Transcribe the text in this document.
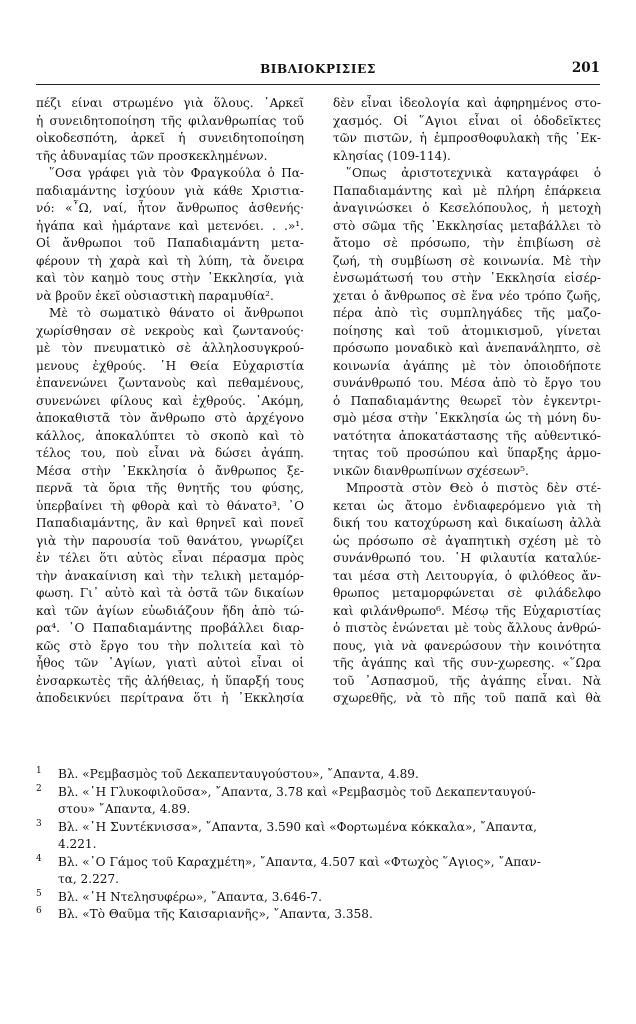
ΒΙΒΛΙΟΚΡΙΣΙΕΣ	201
πέζι είναι στρωμένο γιὰ ὅλους. ᾿Αρκεῖ
ἡ συνειδητοποίηση τῆς φιλανθρωπίας τοῦ
οἰκοδεσπότη, ἀρκεῖ ἡ συνειδητοποίηση
τῆς ἀδυναμίας τῶν προσκεκλημένων.
῞Οσα γράφει γιὰ τὸν Φραγκούλα ὁ Πα-
παδιαμάντης ἰσχύουν γιὰ κάθε Χριστια-
νό: «῏Ω, ναί, ἦτον ἄνθρωπος ἀσθενής·
ἠγάπα καὶ ἡμάρτανε καὶ μετενόει. . .»¹.
Οἱ ἄνθρωποι τοῦ Παπαδιαμάντη μετα-
φέρουν τὴ χαρὰ καὶ τὴ λύπη, τὰ ὄνειρα
καὶ τὸν καημὸ τους στὴν ᾿Εκκλησία, γιὰ
νὰ βροῦν ἐκεῖ οὐσιαστικὴ παραμυθία².
Μὲ τὸ σωματικὸ θάνατο οἱ ἄνθρωποι
χωρίσθησαν σὲ νεκροὺς καὶ ζωντανούς·
μὲ τὸν πνευματικὸ σὲ ἀλληλοσυγκρού-
μενους ἐχθρούς. ῾Η Θεία Εὐχαριστία
ἐπανενώνει ζωντανοὺς καὶ πεθαμένους,
συνενώνει φίλους καὶ ἐχθρούς. ᾿Ακόμη,
ἀποκαθιστᾶ τὸν ἄνθρωπο στὸ ἀρχέγονο
κάλλος, ἀποκαλύπτει τὸ σκοπὸ καὶ τὸ
τέλος του, ποὺ εἶναι νὰ δώσει ἀγάπη.
Μέσα στὴν ᾿Εκκλησία ὁ ἄνθρωπος ξε-
περνᾶ τὰ ὅρια τῆς θνητῆς του φύσης,
ὑπερβαίνει τὴ φθορὰ καὶ τὸ θάνατο³. ᾿Ο
Παπαδιαμάντης, ἂν καὶ θρηνεῖ καὶ πονεῖ
γιὰ τὴν παρουσία τοῦ θανάτου, γνωρίζει
ἐν τέλει ὅτι αὐτὸς εἶναι πέρασμα πρὸς
τὴν ἀνακαίνιση καὶ τὴν τελικὴ μεταμόρ-
φωση. Γι᾿ αὐτὸ καὶ τὰ ὀστᾶ τῶν δικαίων
καὶ τῶν ἁγίων εὐωδιάζουν ἤδη ἀπὸ τώ-
ρα⁴. ᾿Ο Παπαδιαμάντης προβάλλει διαρ-
κῶς στὸ ἔργο του τὴν πολιτεία καὶ τὸ
ἦθος τῶν ῾Αγίων, γιατὶ αὐτοὶ εἶναι οἱ
ἐνσαρκωτὲς τῆς ἀλήθειας, ἡ ὕπαρξή τους
ἀποδεικνύει περίτρανα ὅτι ἡ ᾿Εκκλησία
δὲν εἶναι ἰδεολογία καὶ ἀφηρημένος στο-
χασμός. Οἱ ῞Αγιοι εἶναι οἱ ὁδοδεῖκτες
τῶν πιστῶν, ἡ ἐμπροσθοφυλακὴ τῆς ᾿Εκ-
κλησίας (109-114).
῞Οπως ἀριστοτεχνικὰ καταγράφει ὁ
Παπαδιαμάντης καὶ μὲ πλήρη ἐπάρκεια
ἀναγινώσκει ὁ Κεσελόπουλος, ἡ μετοχὴ
στὸ σῶμα τῆς ᾿Εκκλησίας μεταβάλλει τὸ
ἄτομο σὲ πρόσωπο, τὴν ἐπιβίωση σὲ
ζωή, τὴ συμβίωση σὲ κοινωνία. Μὲ τὴν
ἐνσωμάτωσή του στὴν ᾿Εκκλησία εἰσέρ-
χεται ὁ ἄνθρωπος σὲ ἕνα νέο τρόπο ζωῆς,
πέρα ἀπὸ τὶς συμπληγάδες τῆς μαζο-
ποίησης καὶ τοῦ ἀτομικισμοῦ, γίνεται
πρόσωπο μοναδικὸ καὶ ἀνεπανάληπτο, σὲ
κοινωνία ἀγάπης μὲ τὸν ὁποιοδήποτε
συνάνθρωπό του. Μέσα ἀπὸ τὸ ἔργο του
ὁ Παπαδιαμάντης θεωρεῖ τὸν ἐγκεντρι-
σμὸ μέσα στὴν ᾿Εκκλησία ὡς τὴ μόνη δυ-
νατότητα ἀποκατάστασης τῆς αὐθεντικό-
τητας τοῦ προσώπου καὶ ὕπαρξης ἁρμο-
νικῶν διανθρωπίνων σχέσεων⁵.
Μπροστὰ στὸν Θεὸ ὁ πιστὸς δὲν στέ-
κεται ὡς ἄτομο ἐνδιαφερόμενο γιὰ τὴ
δική του κατοχύρωση καὶ δικαίωση ἀλλὰ
ὡς πρόσωπο σὲ ἀγαπητικὴ σχέση μὲ τὸ
συνάνθρωπό του. ῾Η φιλαυτία καταλύε-
ται μέσα στὴ Λειτουργία, ὁ φιλόθεος ἄν-
θρωπος μεταμορφώνεται σὲ φιλάδελφο
καὶ φιλάνθρωπο⁶. Μέσῳ τῆς Εὐχαριστίας
ὁ πιστὸς ἑνώνεται μὲ τοὺς ἄλλους ἀνθρώ-
πους, γιὰ νὰ φανερώσουν τὴν κοινότητα
τῆς ἀγάπης καὶ τῆς συν-χωρεσης. «῞Ωρα
τοῦ ᾿Ασπασμοῦ, τῆς ἀγάπης εἶναι. Νὰ
σχωρεθῆς, νὰ τὸ πῆς τοῦ παπᾶ καὶ θὰ
1 Βλ. «Ρεμβασμὸς τοῦ Δεκαπενταυγούστου», ῎Απαντα, 4.89.
2 Βλ. «῾Η Γλυκοφιλοῦσα», ῎Απαντα, 3.78 καὶ «Ρεμβασμὸς τοῦ Δεκαπενταυγού-
στου» ῎Απαντα, 4.89.
3 Βλ. «῾Η Συντέκνισσα», ῎Απαντα, 3.590 καὶ «Φορτωμένα κόκκαλα», ῎Απαντα,
4.221.
4 Βλ. «᾿Ο Γάμος τοῦ Καραχμέτη», ῎Απαντα, 4.507 καὶ «Φτωχὸς ῞Αγιος», ῎Απαν-
τα, 2.227.
5 Βλ. «῾Η Ντελησυφέρω», ῎Απαντα, 3.646-7.
6 Βλ. «Τὸ Θαῦμα τῆς Καισαριανῆς», ῎Απαντα, 3.358.
